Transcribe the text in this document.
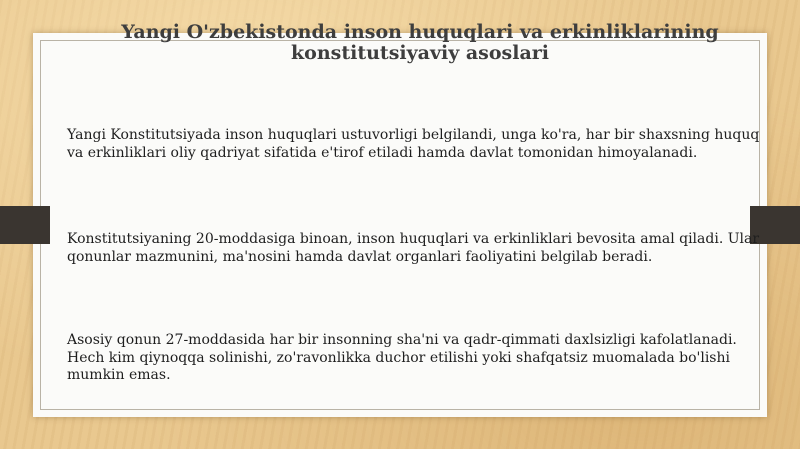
Yangi O'zbekistonda inson huquqlari va erkinliklarining
konstitutsiyaviy asoslari

Yangi Konstitutsiyada inson huquqlari ustuvorligi belgilandi, unga ko'ra, har bir shaxsning huquq va erkinliklari oliy qadriyat sifatida e'tirof etiladi hamda davlat tomonidan himoyalanadi.

Konstitutsiyaning 20-moddasiga binoan, inson huquqlari va erkinliklari bevosita amal qiladi. Ular qonunlar mazmunini, ma'nosini hamda davlat organlari faoliyatini belgilab beradi.

Asosiy qonun 27-moddasida har bir insonning sha'ni va qadr-qimmati daxlsizligi kafolatlanadi. Hech kim qiynoqqa solinishi, zo'ravonlikka duchor etilishi yoki shafqatsiz muomalada bo'lishi mumkin emas.
